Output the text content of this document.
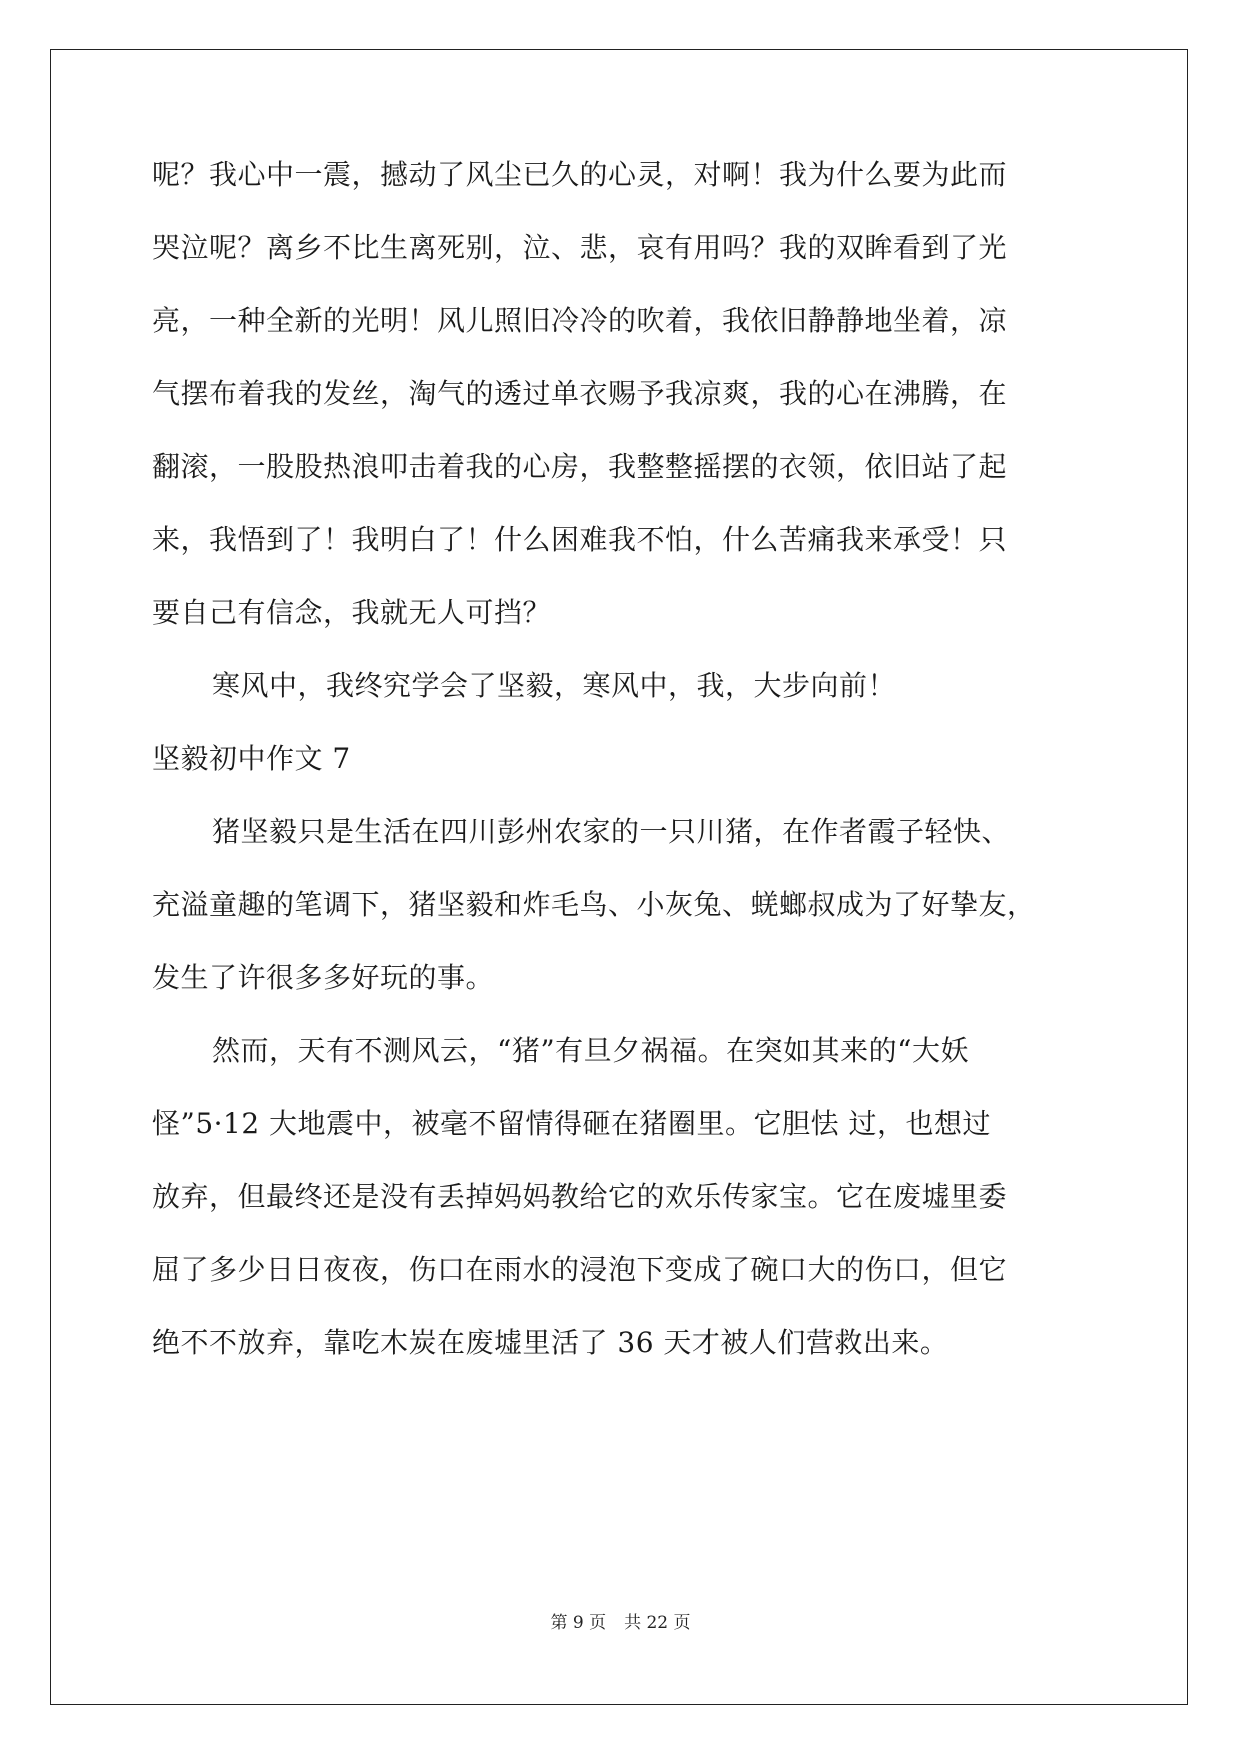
呢？我心中一震，撼动了风尘已久的心灵，对啊！我为什么要为此而
哭泣呢？离乡不比生离死别，泣、悲，哀有用吗？我的双眸看到了光
亮，一种全新的光明！风儿照旧冷冷的吹着，我依旧静静地坐着，凉
气摆布着我的发丝，淘气的透过单衣赐予我凉爽，我的心在沸腾，在
翻滚，一股股热浪叩击着我的心房，我整整摇摆的衣领，依旧站了起
来，我悟到了！我明白了！什么困难我不怕，什么苦痛我来承受！只
要自己有信念，我就无人可挡？
寒风中，我终究学会了坚毅，寒风中，我，大步向前！
坚毅初中作文 7
猪坚毅只是生活在四川彭州农家的一只川猪，在作者霞子轻快、
充溢童趣的笔调下，猪坚毅和炸毛鸟、小灰兔、蜣螂叔成为了好挚友，
发生了许很多多好玩的事。
然而，天有不测风云，“猪”有旦夕祸福。在突如其来的“大妖
怪”5·12 大地震中，被毫不留情得砸在猪圈里。它胆怯 过，也想过
放弃，但最终还是没有丢掉妈妈教给它的欢乐传家宝。它在废墟里委
屈了多少日日夜夜，伤口在雨水的浸泡下变成了碗口大的伤口，但它
绝不不放弃，靠吃木炭在废墟里活了 36 天才被人们营救出来。
第 9 页 共 22 页
